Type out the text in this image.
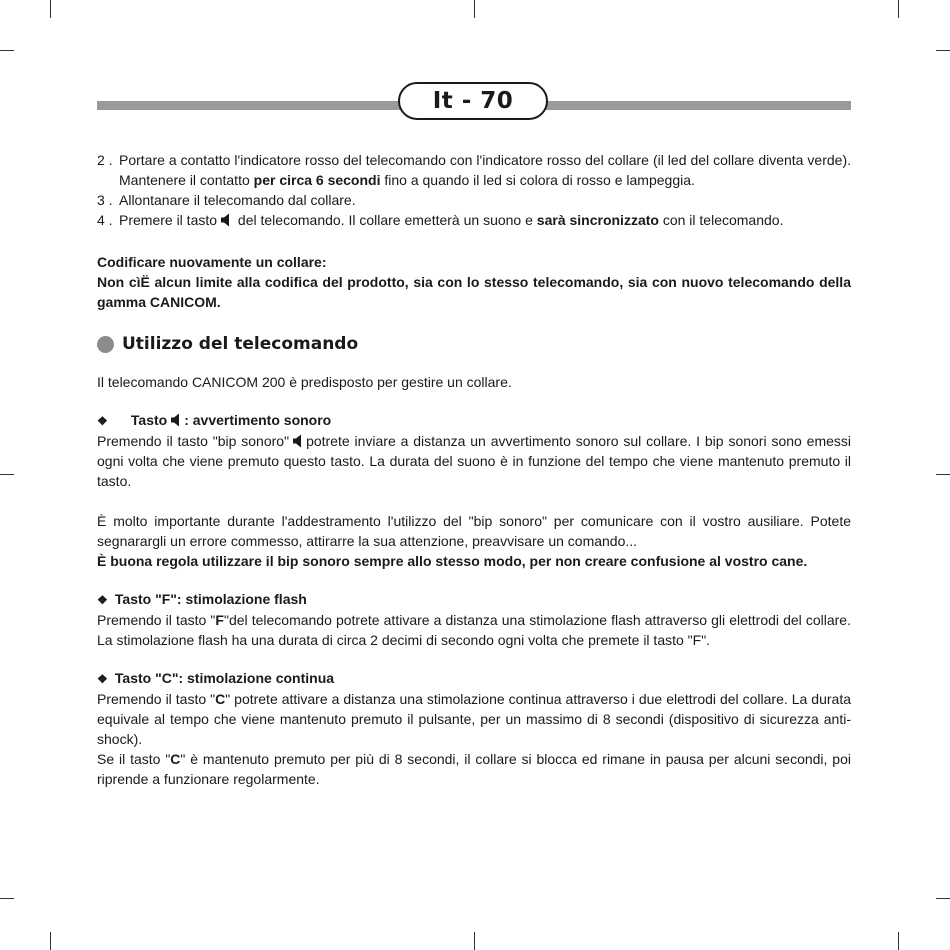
It - 70
2 . Portare a contatto l'indicatore rosso del telecomando con l'indicatore rosso del collare (il led del collare diventa verde). Mantenere il contatto per circa 6 secondi fino a quando il led si colora di rosso e lampeggia.
3 . Allontanare il telecomando dal collare.
4 . Premere il tasto
del telecomando. Il collare emetterà un suono e sarà sincronizzato con il telecomando.

Codificare nuovamente un collare:

Non cìË alcun limite alla codifica del prodotto, sia con lo stesso telecomando, sia con nuovo telecomando della gamma CANICOM.

Utilizzo del telecomando

Il telecomando CANICOM 200 è predisposto per gestire un collare.

❖ Tasto : avvertimento sonoro

Premendo il tasto "bip sonoro" potrete inviare a distanza un avvertimento sonoro sul collare. I bip sonori sono emessi ogni volta che viene premuto questo tasto. La durata del suono è in funzione del tempo che viene mantenuto premuto il tasto.

È molto importante durante l'addestramento l'utilizzo del "bip sonoro" per comunicare con il vostro ausiliare. Potete segnarargli un errore commesso, attirarre la sua attenzione, preavvisare un comando...

È buona regola utilizzare il bip sonoro sempre allo stesso modo, per non creare confusione al vostro cane.

❖ Tasto "F": stimolazione flash

Premendo il tasto "F"del telecomando potrete attivare a distanza una stimolazione flash attraverso gli elettrodi del collare. La stimolazione flash ha una durata di circa 2 decimi di secondo ogni volta che premete il tasto "F".

❖ Tasto "C": stimolazione continua

Premendo il tasto "C" potrete attivare a distanza una stimolazione continua attraverso i due elettrodi del collare. La durata equivale al tempo che viene mantenuto premuto il pulsante, per un massimo di 8 secondi (dispositivo di sicurezza anti-shock).

Se il tasto "C" è mantenuto premuto per più di 8 secondi, il collare si blocca ed rimane in pausa per alcuni secondi, poi riprende a funzionare regolarmente.
